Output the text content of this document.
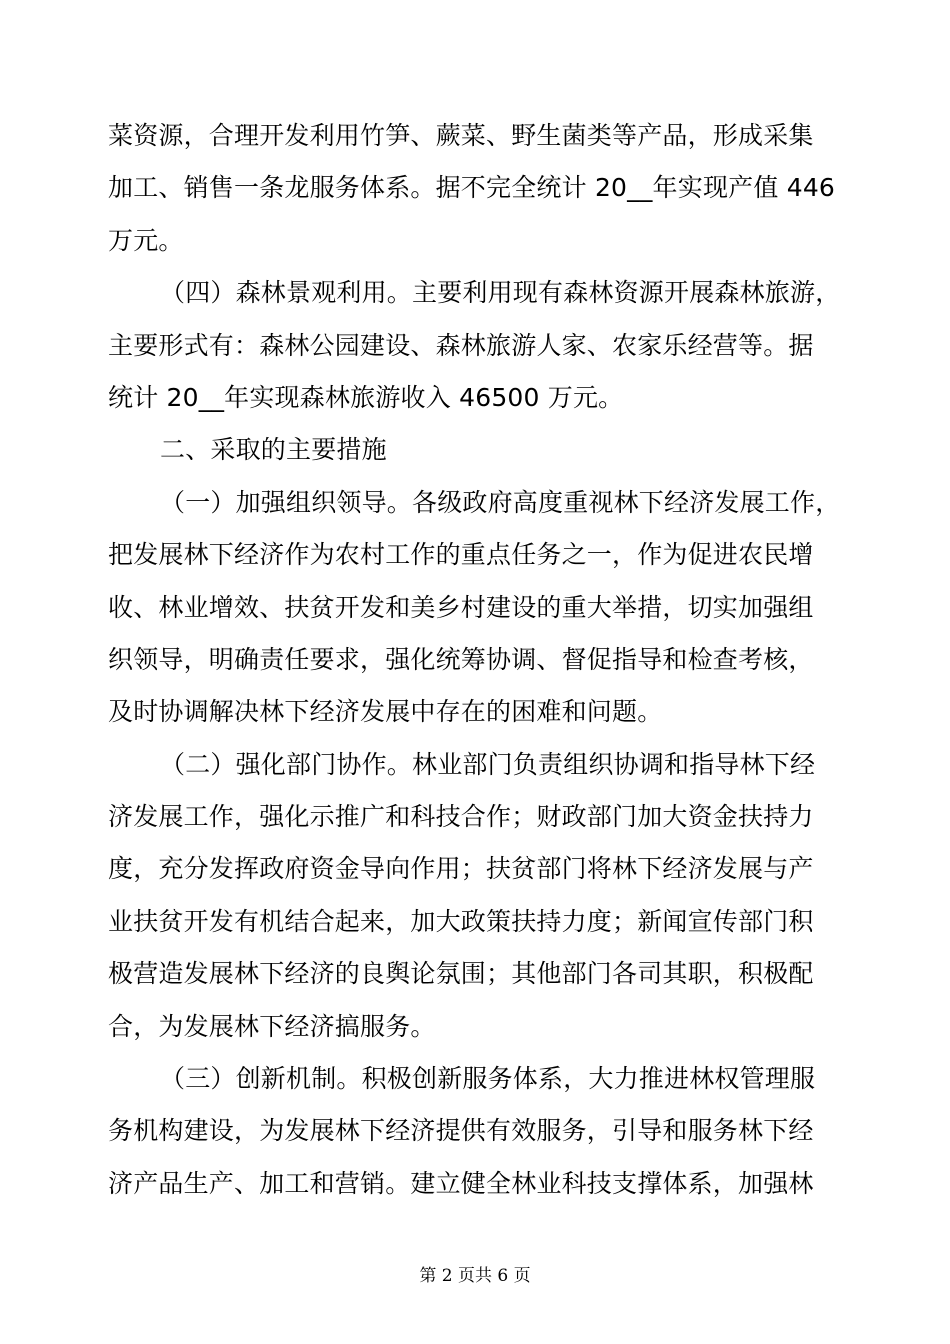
菜资源，合理开发利用竹笋、蕨菜、野生菌类等产品，形成采集
加工、销售一条龙服务体系。据不完全统计 20__年实现产值 446
万元。
（四）森林景观利用。主要利用现有森林资源开展森林旅游，
主要形式有：森林公园建设、森林旅游人家、农家乐经营等。据
统计 20__年实现森林旅游收入 46500 万元。
二、采取的主要措施
（一）加强组织领导。各级政府高度重视林下经济发展工作，
把发展林下经济作为农村工作的重点任务之一，作为促进农民增
收、林业增效、扶贫开发和美乡村建设的重大举措，切实加强组
织领导，明确责任要求，强化统筹协调、督促指导和检查考核，
及时协调解决林下经济发展中存在的困难和问题。
（二）强化部门协作。林业部门负责组织协调和指导林下经
济发展工作，强化示推广和科技合作；财政部门加大资金扶持力
度，充分发挥政府资金导向作用；扶贫部门将林下经济发展与产
业扶贫开发有机结合起来，加大政策扶持力度；新闻宣传部门积
极营造发展林下经济的良舆论氛围；其他部门各司其职，积极配
合，为发展林下经济搞服务。
（三）创新机制。积极创新服务体系，大力推进林权管理服
务机构建设，为发展林下经济提供有效服务，引导和服务林下经
济产品生产、加工和营销。建立健全林业科技支撑体系，加强林
第 2 页共 6 页
